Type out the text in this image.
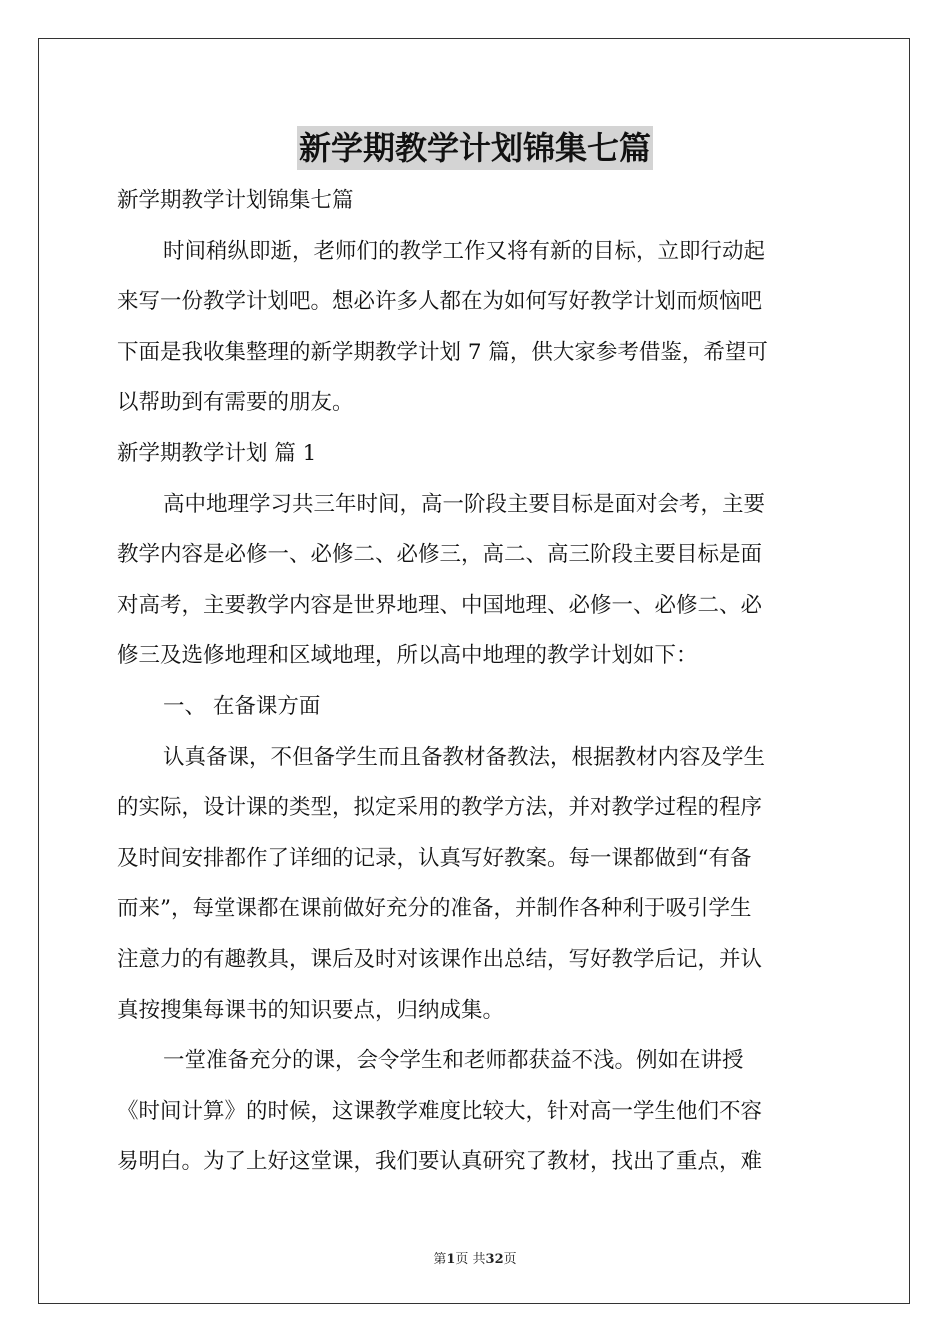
新学期教学计划锦集七篇
新学期教学计划锦集七篇
时间稍纵即逝，老师们的教学工作又将有新的目标，立即行动起
来写一份教学计划吧。想必许多人都在为如何写好教学计划而烦恼吧
下面是我收集整理的新学期教学计划 7 篇，供大家参考借鉴，希望可
以帮助到有需要的朋友。
新学期教学计划 篇 1
高中地理学习共三年时间，高一阶段主要目标是面对会考，主要
教学内容是必修一、必修二、必修三，高二、高三阶段主要目标是面
对高考，主要教学内容是世界地理、中国地理、必修一、必修二、必
修三及选修地理和区域地理，所以高中地理的教学计划如下：
一、 在备课方面
认真备课，不但备学生而且备教材备教法，根据教材内容及学生
的实际，设计课的类型，拟定采用的教学方法，并对教学过程的程序
及时间安排都作了详细的记录，认真写好教案。每一课都做到“有备
而来”，每堂课都在课前做好充分的准备，并制作各种利于吸引学生
注意力的有趣教具，课后及时对该课作出总结，写好教学后记，并认
真按搜集每课书的知识要点，归纳成集。
一堂准备充分的课，会令学生和老师都获益不浅。例如在讲授
《时间计算》的时候，这课教学难度比较大，针对高一学生他们不容
易明白。为了上好这堂课，我们要认真研究了教材，找出了重点，难
第1页 共32页
